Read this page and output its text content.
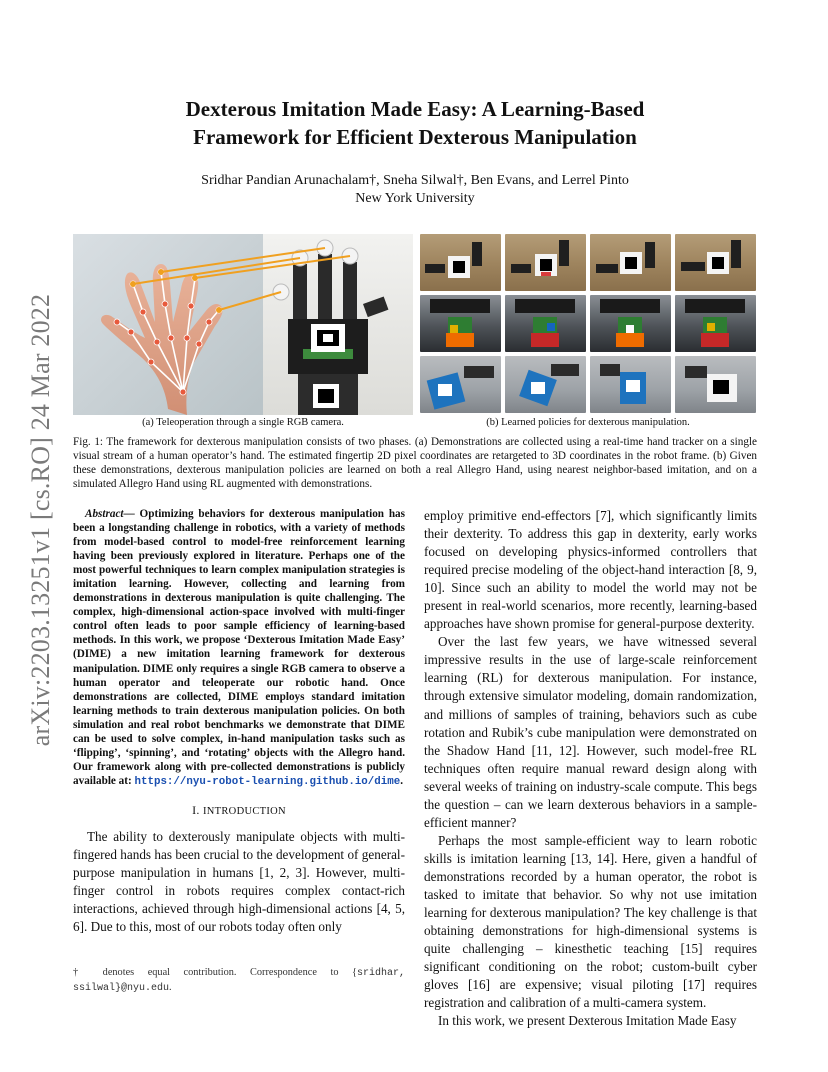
arXiv:2203.13251v1 [cs.RO] 24 Mar 2022
Dexterous Imitation Made Easy: A Learning-Based
Framework for Efficient Dexterous Manipulation
Sridhar Pandian Arunachalam†, Sneha Silwal†, Ben Evans, and Lerrel Pinto
New York University
(a) Teleoperation through a single RGB camera.	(b) Learned policies for dexterous manipulation.
Fig. 1: The framework for dexterous manipulation consists of two phases. (a) Demonstrations are collected using a real-time hand tracker on a single visual stream of a human operator’s hand. The estimated fingertip 2D pixel coordinates are retargeted to 3D coordinates in the robot frame. (b) Given these demonstrations, dexterous manipulation policies are learned on both a real Allegro Hand, using nearest neighbor-based imitation, and on a simulated Allegro Hand using RL augmented with demonstrations.

Abstract— Optimizing behaviors for dexterous manipulation has been a longstanding challenge in robotics, with a variety of methods from model-based control to model-free reinforcement learning having been previously explored in literature. Perhaps one of the most powerful techniques to learn complex manipulation strategies is imitation learning. However, collecting and learning from demonstrations in dexterous manipulation is quite challenging. The complex, high-dimensional action-space involved with multi-finger control often leads to poor sample efficiency of learning-based methods. In this work, we propose ‘Dexterous Imitation Made Easy’ (DIME) a new imitation learning framework for dexterous manipulation. DIME only requires a single RGB camera to observe a human operator and teleoperate our robotic hand. Once demonstrations are collected, DIME employs standard imitation learning methods to train dexterous manipulation policies. On both simulation and real robot benchmarks we demonstrate that DIME can be used to solve complex, in-hand manipulation tasks such as ‘flipping’, ‘spinning’, and ‘rotating’ objects with the Allegro hand. Our framework along with pre-collected demonstrations is publicly available at: https://nyu-robot-learning.github.io/dime.

I. INTRODUCTION

The ability to dexterously manipulate objects with multi-fingered hands has been crucial to the development of general-purpose manipulation in humans [1, 2, 3]. However, multi-finger control in robots requires complex contact-rich interactions, achieved through high-dimensional actions [4, 5, 6]. Due to this, most of our robots today often only

† denotes equal contribution. Correspondence to {sridhar, ssilwal}@nyu.edu.

employ primitive end-effectors [7], which significantly limits their dexterity. To address this gap in dexterity, early works focused on developing physics-informed controllers that required precise modeling of the object-hand interaction [8, 9, 10]. Since such an ability to model the world may not be present in real-world scenarios, more recently, learning-based approaches have shown promise for general-purpose dexterity.

Over the last few years, we have witnessed several impressive results in the use of large-scale reinforcement learning (RL) for dexterous manipulation. For instance, through extensive simulator modeling, domain randomization, and millions of samples of training, behaviors such as cube rotation and Rubik’s cube manipulation were demonstrated on the Shadow Hand [11, 12]. However, such model-free RL techniques often require manual reward design along with several weeks of training on industry-scale compute. This begs the question – can we learn dexterous behaviors in a sample-efficient manner?

Perhaps the most sample-efficient way to learn robotic skills is imitation learning [13, 14]. Here, given a handful of demonstrations recorded by a human operator, the robot is tasked to imitate that behavior. So why not use imitation learning for dexterous manipulation? The key challenge is that obtaining demonstrations for high-dimensional systems is quite challenging – kinesthetic teaching [15] requires significant conditioning on the robot; custom-built cyber gloves [16] are expensive; visual piloting [17] requires registration and calibration of a multi-camera system.

In this work, we present Dexterous Imitation Made Easy
